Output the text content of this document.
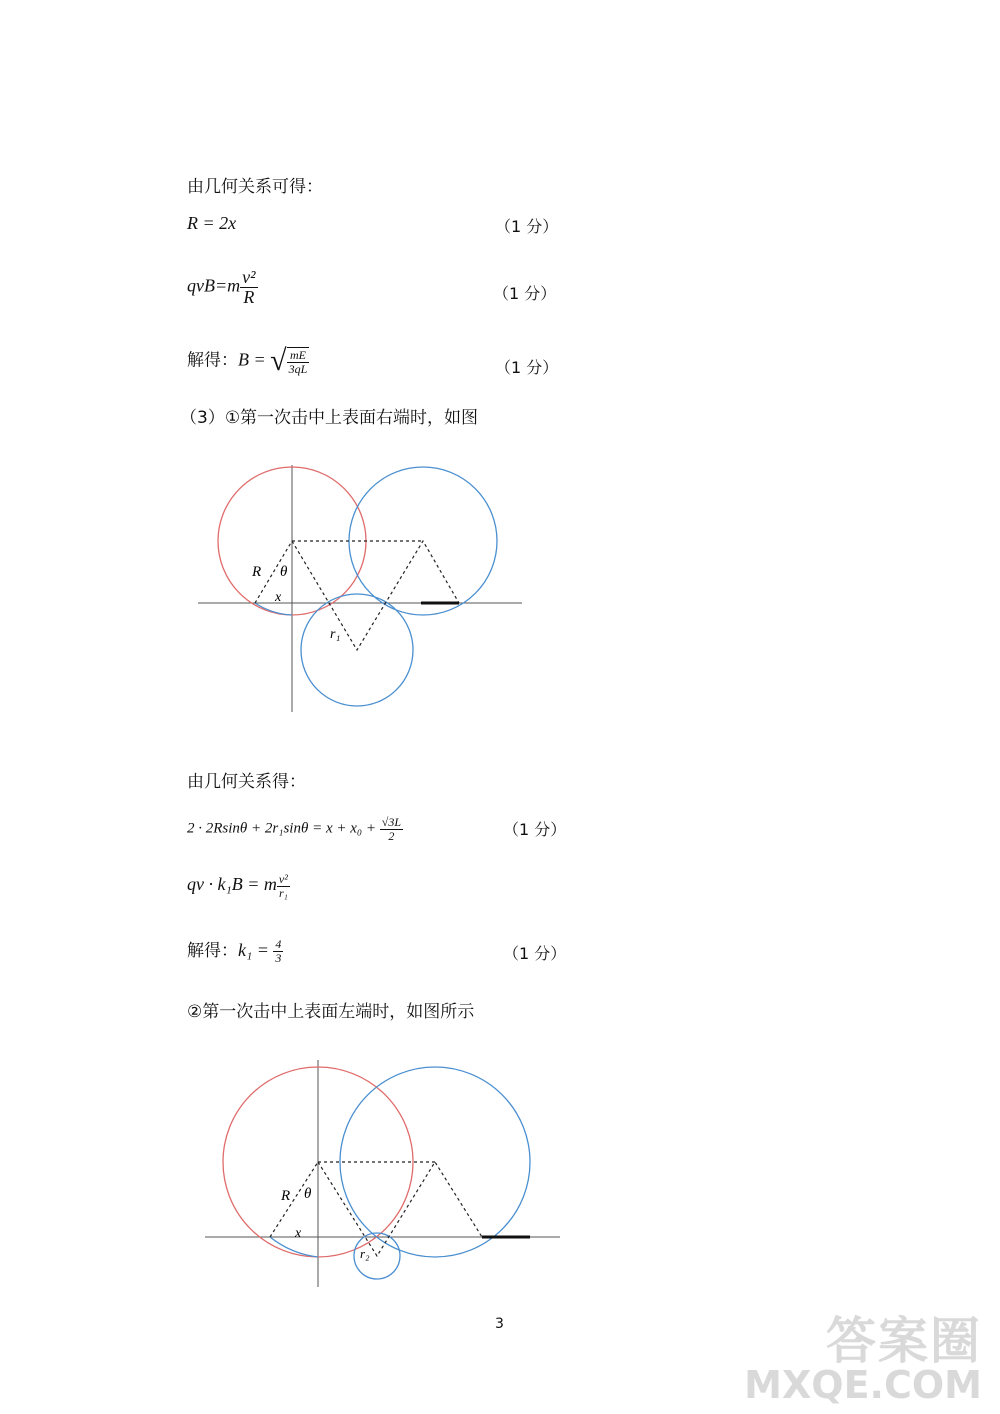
由几何关系可得：
R = 2x	（1 分）
$qvB=m \frac{\text{v²}}{R}$	（1 分）
解得：B = √ $\frac{mE}{3qL}$	（1 分）
（3）①第一次击中上表面右端时，如图
R θ
x
r₁
由几何关系得：
$2 \cdot 2Rsin\theta + 2r_1\sin\theta = x + x_0 + \frac{√3L}{2}$	（1 分）
qv · k₁B = m $\frac{\text{v²}}{\text{r₁}}$
解得：$k_1 = \frac{4}{3}$	（1 分）
②第一次击中上表面左端时，如图所示
R θ
x
r₂
3	答案圈
MXQE.COM
